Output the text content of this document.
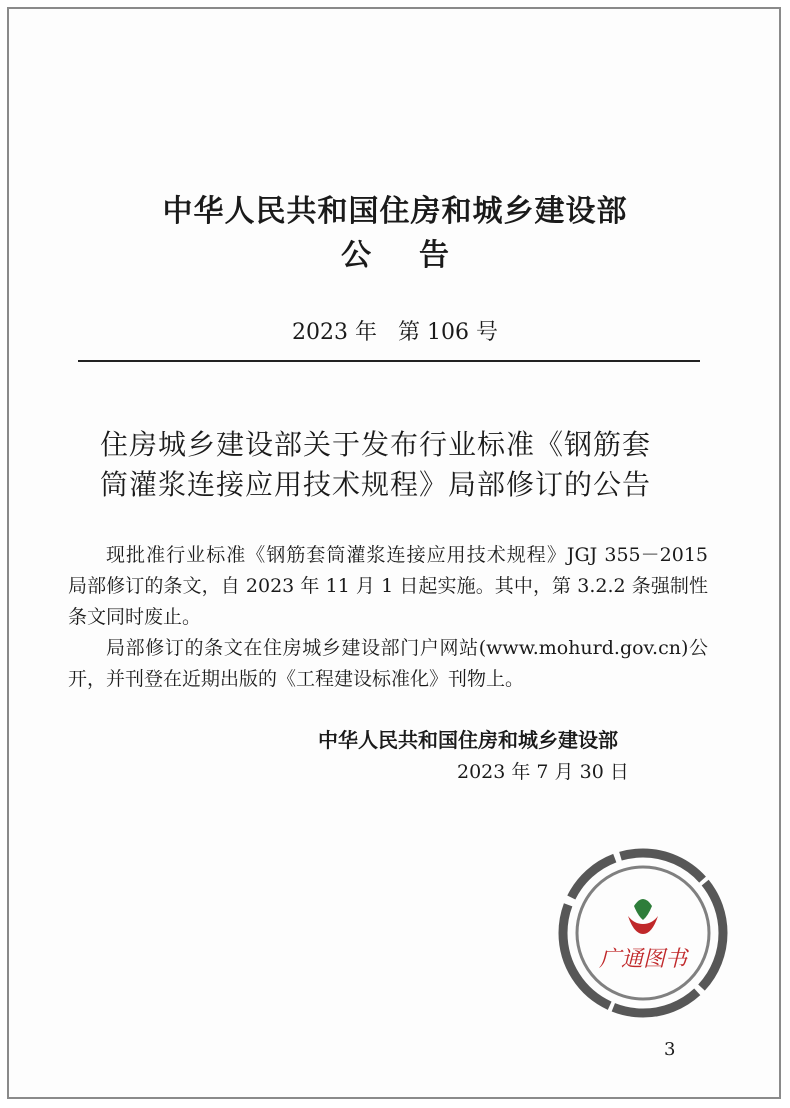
中华人民共和国住房和城乡建设部
公告
2023 年   第 106 号
住房城乡建设部关于发布行业标准《钢筋套
筒灌浆连接应用技术规程》局部修订的公告

现批准行业标准《钢筋套筒灌浆连接应用技术规程》JGJ 355－2015 局部修订的条文，自 2023 年 11 月 1 日起实施。其中，第 3.2.2 条强制性条文同时废止。

局部修订的条文在住房城乡建设部门户网站(www.mohurd.gov.cn)公开，并刊登在近期出版的《工程建设标准化》刊物上。

中华人民共和国住房和城乡建设部
2023 年 7 月 30 日
广通图书
3
